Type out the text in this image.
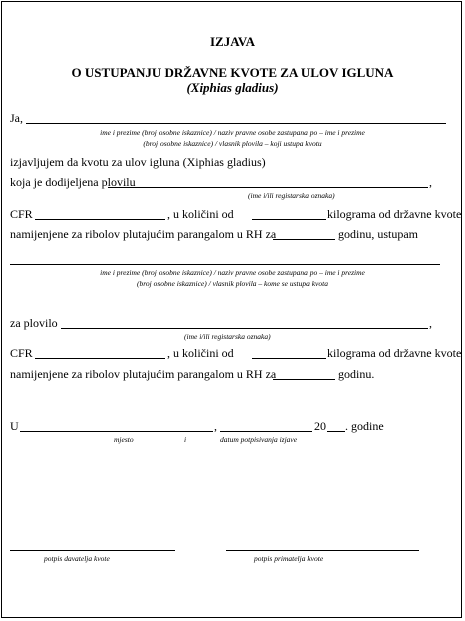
IZJAVA
O USTUPANJU DRŽAVNE KVOTE ZA ULOV IGLUNA
(Xiphias gladius)
Ja,
ime i prezime (broj osobne iskaznice) / naziv pravne osobe zastupana po – ime i prezime
(broj osobne iskaznice) / vlasnik plovila – koji ustupa kvotu
izjavljujem da kvotu za ulov igluna (Xiphias gladius)
koja je dodijeljena plovilu	,
(ime i/ili registarska oznaka)
CFR	, u količini od	kilograma od državne kvote
namijenjene za ribolov plutajućim parangalom u RH za	godinu, ustupam
ime i prezime (broj osobne iskaznice) / naziv pravne osobe zastupana po – ime i prezime
(broj osobne iskaznice) / vlasnik plovila – kome se ustupa kvota
za plovilo	,
(ime i/ili registarska oznaka)
CFR	, u količini od	kilograma od državne kvote
namijenjene za ribolov plutajućim parangalom u RH za	godinu.
U	,	20 . godine
mjesto	i	datum potpisivanja izjave
potpis davatelja kvote	potpis primatelja kvote
